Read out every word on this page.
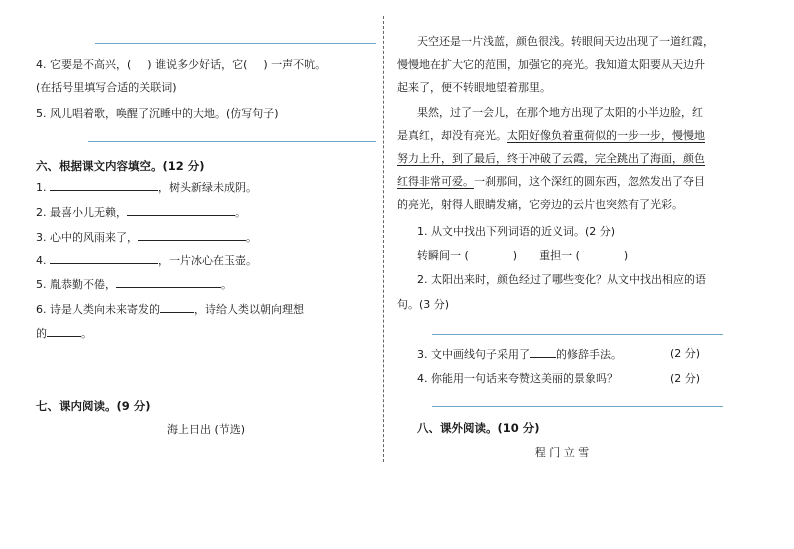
4. 它要是不高兴，( ) 谁说多少好话，它( ) 一声不吭。
(在括号里填写合适的关联词)
5. 风儿唱着歌，唤醒了沉睡中的大地。(仿写句子)
六、根据课文内容填空。(12 分)
1.	，树头新绿未成阴。
2. 最喜小儿无赖，	。
3. 心中的风雨来了，	。
4.	，一片冰心在玉壶。
5. 胤恭勤不倦，	。
6. 诗是人类向未来寄发的	，诗给人类以朝向理想
的	。
七、课内阅读。(9 分)
海上日出 (节选)
天空还是一片浅蓝，颜色很浅。转眼间天边出现了一道红霞，
慢慢地在扩大它的范围，加强它的亮光。我知道太阳要从天边升
起来了，便不转眼地望着那里。
果然，过了一会儿，在那个地方出现了太阳的小半边脸，红
是真红，却没有亮光。太阳好像负着重荷似的一步一步，慢慢地
努力上升，到了最后，终于冲破了云霞，完全跳出了海面，颜色
红得非常可爱。一刹那间，这个深红的圆东西，忽然发出了夺目
的亮光，射得人眼睛发痛，它旁边的云片也突然有了光彩。
1. 从文中找出下列词语的近义词。(2 分)
转瞬间一 (	) 重担一 (	)
2. 太阳出来时，颜色经过了哪些变化？从文中找出相应的语
句。(3 分)
3. 文中画线句子采用了 的修辞手法。	(2 分)
4. 你能用一句话来夸赞这美丽的景象吗？	(2 分)
八、课外阅读。(10 分)
程 门 立 雪
